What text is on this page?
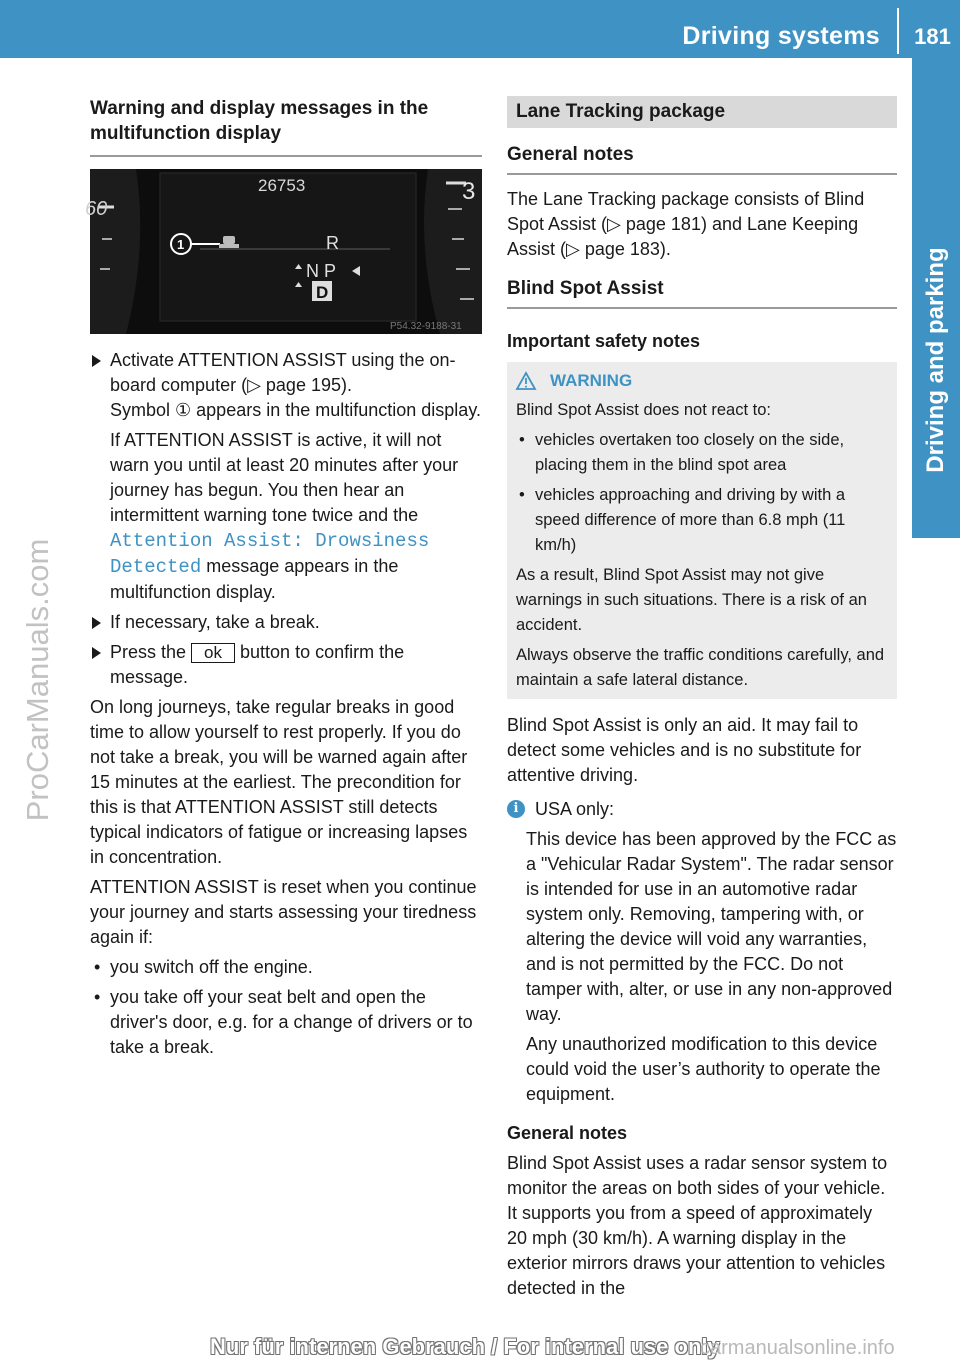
Driving systems	181
Driving and parking
ProCarManuals.com
Warning and display messages in the multifunction display
60
3
26753
1	R
N P
D
P54.32-9188-31
Activate ATTENTION ASSIST using the on-board computer (▷ page 195).
Symbol ① appears in the multifunction display.
If ATTENTION ASSIST is active, it will not warn you until at least 20 minutes after your journey has begun. You then hear an intermittent warning tone twice and the Attention Assist: Drowsiness Detected message appears in the multifunction display.
If necessary, take a break.
Press the ok button to confirm the message.

On long journeys, take regular breaks in good time to allow yourself to rest properly. If you do not take a break, you will be warned again after 15 minutes at the earliest. The precondition for this is that ATTENTION ASSIST still detects typical indicators of fatigue or increasing lapses in concentration.

ATTENTION ASSIST is reset when you continue your journey and starts assessing your tiredness again if:

• you switch off the engine.
• you take off your seat belt and open the driver's door, e.g. for a change of drivers or to take a break.
Lane Tracking package
General notes

The Lane Tracking package consists of Blind Spot Assist (▷ page 181) and Lane Keeping Assist (▷ page 183).

Blind Spot Assist
Important safety notes
WARNING
Blind Spot Assist does not react to:
• vehicles overtaken too closely on the side, placing them in the blind spot area
• vehicles approaching and driving by with a speed difference of more than 6.8 mph (11 km/h)
As a result, Blind Spot Assist may not give warnings in such situations. There is a risk of an accident.
Always observe the traffic conditions carefully, and maintain a safe lateral distance.

Blind Spot Assist is only an aid. It may fail to detect some vehicles and is no substitute for attentive driving.

i USA only:

This device has been approved by the FCC as a "Vehicular Radar System". The radar sensor is intended for use in an automotive radar system only. Removing, tampering with, or altering the device will void any warranties, and is not permitted by the FCC. Do not tamper with, alter, or use in any non-approved way.

Any unauthorized modification to this device could void the user’s authority to operate the equipment.

General notes

Blind Spot Assist uses a radar sensor system to monitor the areas on both sides of your vehicle. It supports you from a speed of approximately 20 mph (30 km/h). A warning display in the exterior mirrors draws your attention to vehicles detected in the

Nur für internen Gebrauch / For internal use only
carmanualsonline.info
